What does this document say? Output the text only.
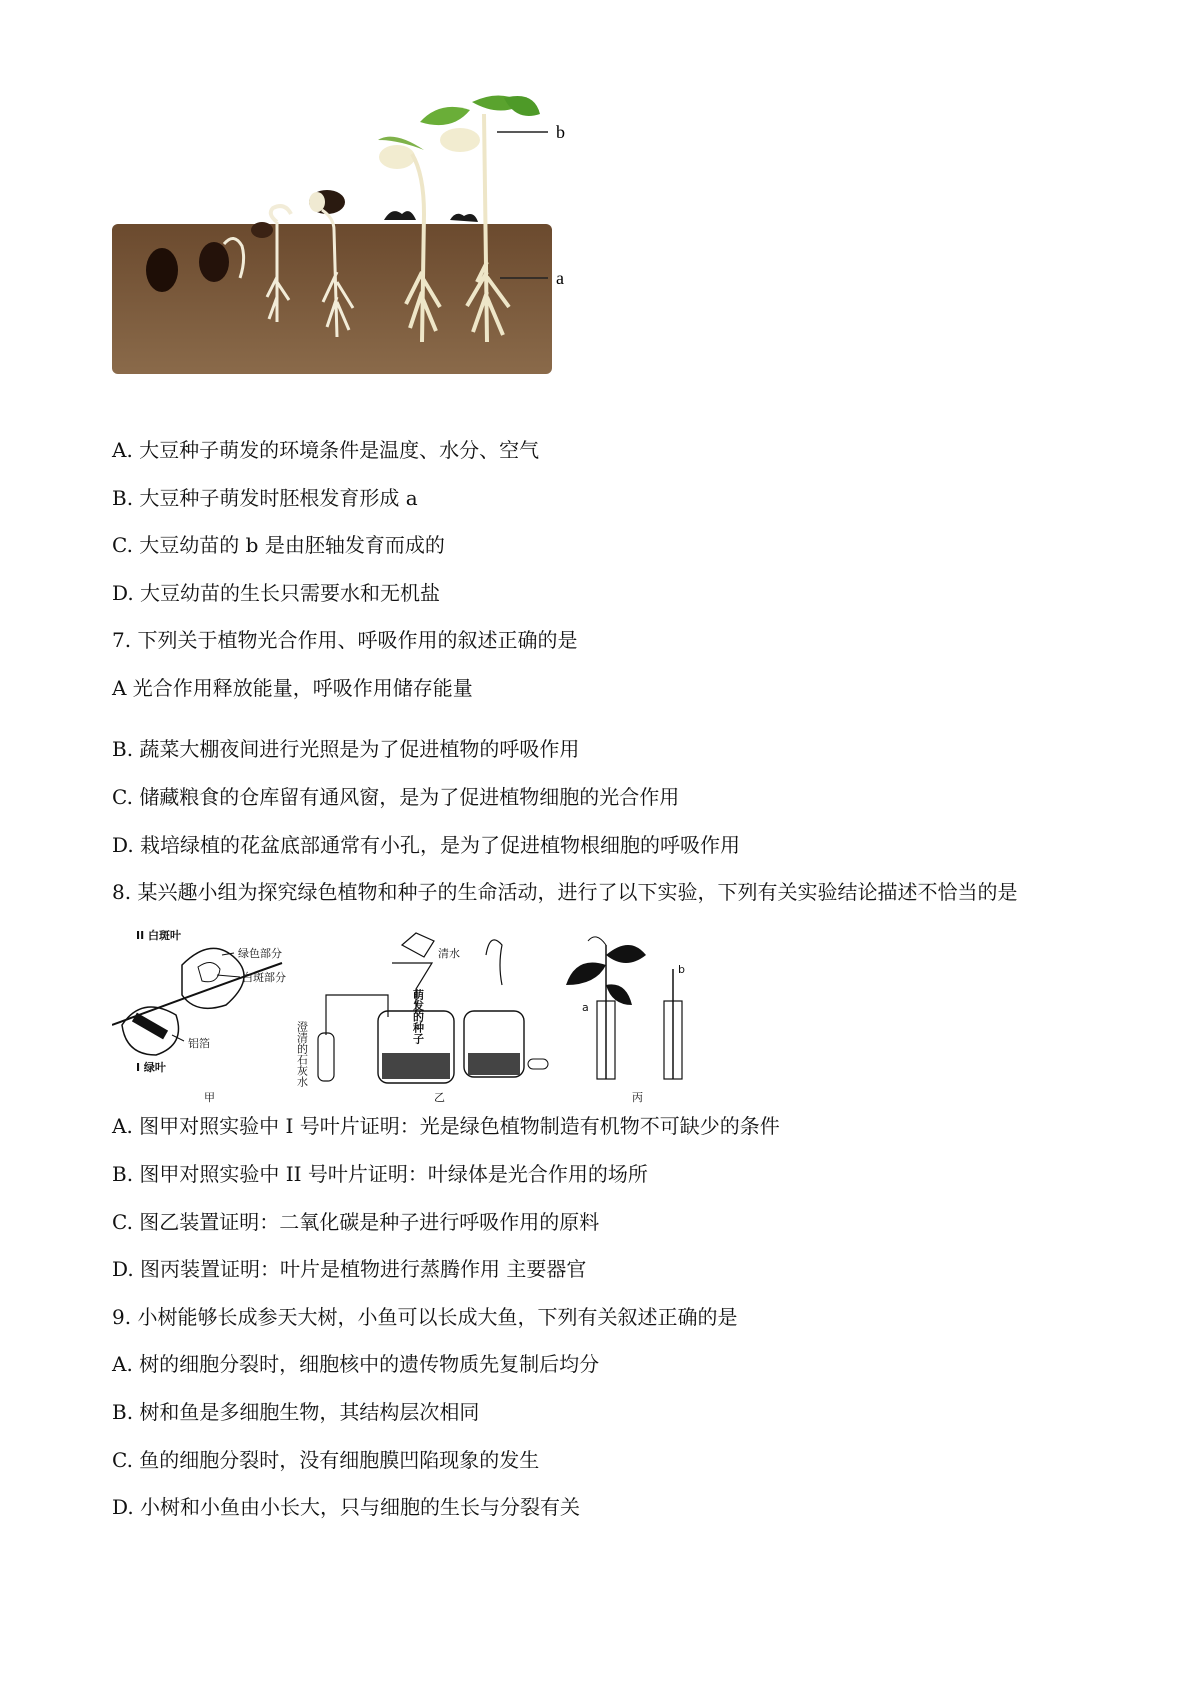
b
a
A. 大豆种子萌发的环境条件是温度、水分、空气
B. 大豆种子萌发时胚根发育形成 a
C. 大豆幼苗的 b 是由胚轴发育而成的
D. 大豆幼苗的生长只需要水和无机盐
7. 下列关于植物光合作用、呼吸作用的叙述正确的是
A 光合作用释放能量，呼吸作用储存能量
B. 蔬菜大棚夜间进行光照是为了促进植物的呼吸作用
C. 储藏粮食的仓库留有通风窗，是为了促进植物细胞的光合作用
D. 栽培绿植的花盆底部通常有小孔，是为了促进植物根细胞的呼吸作用
8. 某兴趣小组为探究绿色植物和种子的生命活动，进行了以下实验，下列有关实验结论描述不恰当的是
II 白斑叶
绿色部分
白斑部分
铝箔
I 绿叶
甲
清水
澄清的石灰水
萌发的种子
乙
a
b
丙
A. 图甲对照实验中 I 号叶片证明：光是绿色植物制造有机物不可缺少的条件
B. 图甲对照实验中 II 号叶片证明：叶绿体是光合作用的场所
C. 图乙装置证明：二氧化碳是种子进行呼吸作用的原料
D. 图丙装置证明：叶片是植物进行蒸腾作用 主要器官
9. 小树能够长成参天大树，小鱼可以长成大鱼，下列有关叙述正确的是
A. 树的细胞分裂时，细胞核中的遗传物质先复制后均分
B. 树和鱼是多细胞生物，其结构层次相同
C. 鱼的细胞分裂时，没有细胞膜凹陷现象的发生
D. 小树和小鱼由小长大，只与细胞的生长与分裂有关
